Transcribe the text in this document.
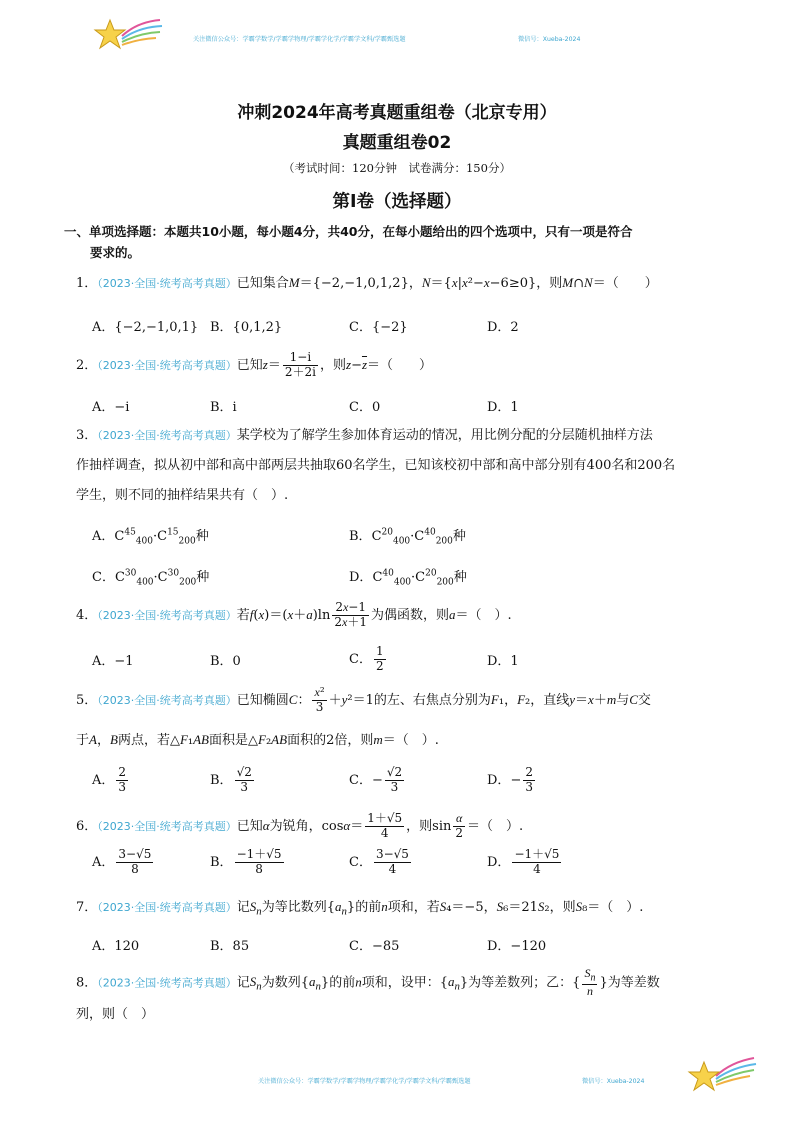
关注微信公众号：学霸学数学/学霸学物理/学霸学化学/学霸学文科/学霸甄选题	微信号：Xueba-2024
冲刺2024年高考真题重组卷（北京专用）
真题重组卷02
（考试时间：120分钟　试卷满分：150分）
第Ⅰ卷（选择题）
一、单项选择题：本题共10小题，每小题4分，共40分，在每小题给出的四个选项中，只有一项是符合
要求的。
1．（2023·全国·统考高考真题）已知集合M＝{−2,−1,0,1,2}，N＝{x|x²−x−6≥0}，则M∩N＝（　　）
A．{−2,−1,0,1} B．{0,1,2}	C．{−2}	D．2
2．（2023·全国·统考高考真题）已知$z= \frac{1-i}{2+2i}$ ，则$z-\overline{z}=$（　　）
A．−i	B．i	C．0	D．1
3．（2023·全国·统考高考真题）某学校为了解学生参加体育运动的情况，用比例分配的分层随机抽样方法
作抽样调查，拟从初中部和高中部两层共抽取60名学生，已知该校初中部和高中部分别有400名和200名
学生，则不同的抽样结果共有（　）.
A．$C^{45}_{400}\cdot C^{15}_{200}$种	B．$C^{20}_{400}\cdot C^{40}_{200}$种
C．$C^{30}_{400}\cdot C^{30}_{200}$种	D．$C^{40}_{400}\cdot C^{20}_{200}$种
4．（2023·全国·统考高考真题）若$f(x)=(x+a)\ln \frac{2x-1}{2x+1}$ 为偶函数，则a＝（　）.
A．−1	B．0	C． $\frac{1}{2}$	D．1
5．（2023·全国·统考高考真题）已知椭圆C： $\frac{\text{x²}}{3} +y^2=1$的左、右焦点分别为F₁，F₂，直线y＝x＋m与C交
于A，B两点，若△F₁AB面积是△F₂AB面积的2倍，则m＝（　）.
A． $\frac{2}{3}$	B． $\frac{√2}{3}$	C．− $\frac{√2}{3}$	D．− $\frac{2}{3}$
6．（2023·全国·统考高考真题）已知α为锐角，$\cos\alpha= \frac{1+√5}{4}$ ，则$\sin \frac{\alpha}{2}$ ＝（　）.
A． $\frac{3-√5}{8}$	B． $\frac{-1+√5}{8}$	C． $\frac{3-√5}{4}$	D． $\frac{-1+√5}{4}$
7．（2023·全国·统考高考真题）记$S_n$为等比数列$\{a_n\}$的前n项和，若S₄＝−5，S₆＝21S₂，则S₈＝（　）.
A．120	B．85	C．−85	D．−120
8．（2023·全国·统考高考真题）记$S_n$为数列$\{a_n\}$的前n项和，设甲：$\{a_n\}$为等差数列；乙：{ $\frac{S_n}{n}$ }为等差数
列，则（　）
关注微信公众号：学霸学数学/学霸学物理/学霸学化学/学霸学文科/学霸甄选题	微信号：Xueba-2024
